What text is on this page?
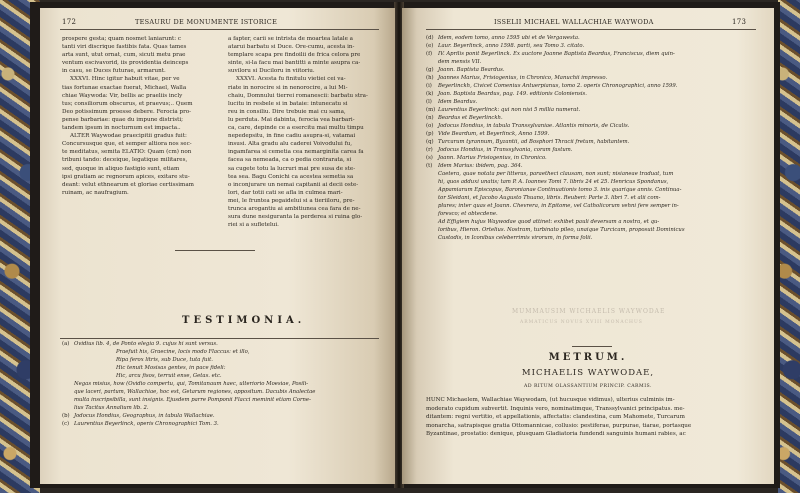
172	TESAURU DE MONUMENTE ISTORICE
prospere gesta; quam nosmet laniarunt: c
tanti viri discrique fastibis fata. Quas tames
arta sunt, utut ornat, cum, sicuti metu prae
ventum escivavorid, iis providentia deinceps
in casu, se Duces futurae, armarunt.
XXXVI. Hinc igitur habuit vitae, per ve
tias fortunae exactae fuerat, Michael, Walla
chiae Waywoda: Vir, bellis ac praeliis incly
tus; consiliorum obscurus, et praevus;.. Quem
Deo potissimum proesse debere. Ferocia pro-
pense barbariae: quae du impune distristi;
tandem ipsum in nocturnum est impacta..
ALTER Waywodae praecipitii gradus fuit:
Concursusque que, et semper altiora nos sec-
te meditatus, semita ELATIO: Quam (cm) non
tribuni tando: deceique, legatique militares,
sed, quoque in aliquo fastigio sunt, etiam
ipsi gratiam ac regnorum apices, exitare stu-
deant: velut ethnearum et gloriae certissimam
ruinam, ac naufragium.
a fapter, carii se intrista de moartea latale a
atarui barbatu si Duce. Ore-cumu, acesta in-
templare scapa pre findoilii de frica celora pre
sinte, si-la facu mai bantitti a minte asupra ca-
suviloru si Duciloru in viitoriu.
XXXVI. Acesta fu finitulu vietiei cei va-
riate in norocire si in nenorocire, a lui Mi-
chaiu, Domnului tierrei romanescii: barbatu stra-
lucitu in resbele si in bataie: intunecatu si
reu in consiliu. Dire trebuie mai cu sama,
lu perduta. Mai dabinta, ferocia vea barbari-
ca, care, depinde ce a esercitu mai multu timpu
nepedepsitu, in fine cadiu asupra-si, vatamai
insusi. Alta gradu alu caderei Voivodului fu,
ingamfarea si cemetia cea nemarginita carea fa
facea sa nemeada, ca o pedia contrarata, si
sa cugete totu la lucruri mai pre susa de ste-
tea sea. Bagu Conichi ca acestea semetia sa
o inconjurare un nemai capitanii ai decii oste-
lori, dar totii cati se afla in culmea mari-
mei, le fruntea pegaidelui si a tieriiloru, pre-
trunca arogantiu ai ambitiunea cea fara de ne-
sura dune nesiguranta la perderea si ruina glo-
riei si a sufletelui.
TESTIMONIA.
(a) Ovidius lib. 4, de Ponto elegia 9. cujus hi sunt versus.
Praefuit his, Graecine, locis modo Flaccus: et illo,
Ripa ferox litris, sub Duce, tuta fuit.
Hic tenuit Mosisas gentes, in pace fideli:
Hic, arcu fisos, terruit ense, Getas. etc.
Negas misius, how (Ovidio compertu, qui, Tomitanaum haec, ulteriorio Moesiae, Posili-
que laceri, partum, Wallachiae, hoc est, Getarum regiones, appositum. Dacubis Analectae
multa inscripsibilla, sunt insignis. Ejusdem parre Pomponii Flacci meminit etiam Corne-
lius Tacitus Annalium lib. 2.
(b) Jodocus Hondius, Geographus, in tabula Wallachiae.
(c) Laurentius Beyerlinck, operis Chronographici Tom. 3.
ISSELII MICHAEL WALLACHIAE WAYWODA	173
(d) Idem, eodem tomo, anno 1595 ubi et de Vergawesta.
(e) Laur. Beyerlinck, anno 1598. parti, seu Tomo 3. citato.
(f) IV. Aprilis ponit Beyerlinck. Ex auctore Joanne Baptista Beardus, Franciscus, diem quin-
dem mensis VII.
(g) Joann. Baptista Beardus.
(h) Joannes Marius, Frisiogenius, in Chronico, Manuchii impresso.
(i) Beyerlinckh, Civicet Comenius Antuerpianus, tomo 2. operis Chronographici, anno 1599.
(k) Joan. Baptista Beardus, pag. 149. editionis Coloniensis.
(l) Idem Beardus.
(m) Laurentius Beyerlinck: qui non nisi 5 millia numerat.
(n) Beardus et Beyerlinckh.
(o) Jodocus Hondius, in tabula Transsylvaniae. Atlantis minoris, de Cicalis.
(p) Vide Beardum, et Beyerlinck, Anno 1599.
(q) Turcarum tyrannum, Byzantii, ad Bosphori Thracii fretum, habitantem.
(r) Jodocus Hondius, in Transsylvania, coram fastum.
(s) Joann. Marius Frisiogenius, in Chronico.
(t) Idem Marius: ibidem, pag. 364.
Caetera, quae notata per litteras, paraetheci clausam, non sunt; nisianeae traduat, tum
hi, quos adduxi unatis; tam P. A. Ioannes Tomi 7. libris 24 et 25. Henricus Spondanus,
Appamiarum Episcopus, Baronianae Continuationis tomo 3. inis quarique annis. Continua-
tor Sleidani, et Jacobo Augusto Thuano, libris. Reuberi: Parte 3. libri 7. et alii com-
plures; inter quas et Joann. Chevrera, in Epitome, vel Catholicorum vehni fere semper in-
foresco; et obtecdene.
Ad Effigiem hujus Waywodae quod attinet: exhibet pauli deversam a nostra, et qu-
loribus, Hieron. Ortelius. Nostram, turbinato pileo, unaique Turcicam, proposuit Dominicus
Custodis, in Iconibus celeberrimis virorum, in forma folii.
MUMMAUSIM WICHAELIS WAYWODAE
ARMATICUS NOVUS XVIII MONACHUS
METRUM.
MICHAELIS WAYWODAE,
AD RITUM OLASSANTIUM PRINCIP. CARMIS.
HUNC Michaelem, Wallachiae Waywodam, (ut hucusque vidimus), ulterius culminis im-
moderato cupidum subvertit. Inquinis vero, nominatimque, Transsylvanici principatus. me-
ditantem: regni vertitio, et appellationis, affectatis: clandestina, cum Mahomete, Turcarum
monarcha, satrapisque gratia Ottomannicae, collusio: pestiferae, purpurae, tiarae, portasque
Byzantinae, prostatio: denique, plusquam Gladiatoria fundendi sanguinis humani rabies, ac
